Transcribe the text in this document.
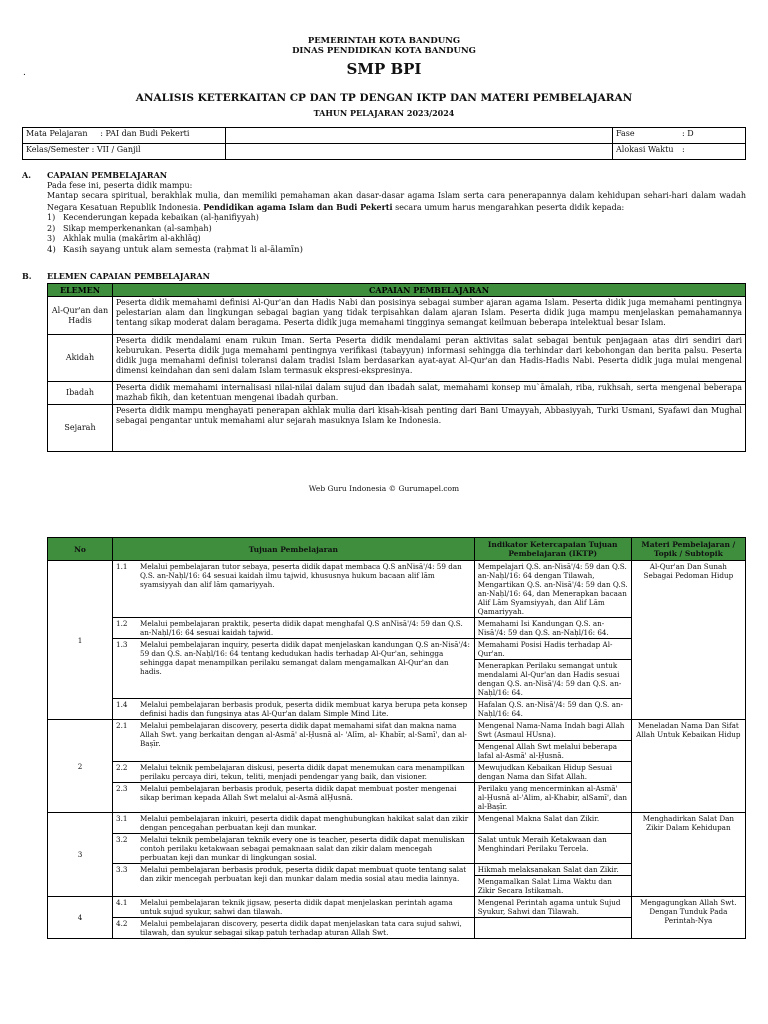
PEMERINTAH KOTA BANDUNG
DINAS PENDIDIKAN KOTA BANDUNG
.	SMP BPI
ANALISIS KETERKAITAN CP DAN TP DENGAN IKTP DAN MATERI PEMBELAJARAN
TAHUN PELAJARAN 2023/2024
Mata Pelajaran : PAI dan Budi Pekerti		Fase : D
Kelas/Semester : VII / Ganjil		Alokasi Waktu :
A. CAPAIAN PEMBELAJARAN
Pada fese ini, peserta didik mampu:
Mantap secara spiritual, berakhlak mulia, dan memiliki pemahaman akan dasar-dasar agama Islam serta cara penerapannya dalam kehidupan sehari-hari dalam wadah Negara Kesatuan Republik Indonesia. Pendidikan agama Islam dan Budi Pekerti secara umum harus mengarahkan peserta didik kepada:
1) Kecenderungan kepada kebaikan (al-ḥanifiyyah)
2) Sikap memperkenankan (al-samḥah)
3) Akhlak mulia (makārim al-akhlāq)
4) Kasih sayang untuk alam semesta (raḥmat li al-ālamīn)
B. ELEMEN CAPAIAN PEMBELAJARAN
ELEMEN	CAPAIAN PEMBELAJARAN
Al-Qur'an dan Hadis	Peserta didik memahami definisi Al-Qur'an dan Hadis Nabi dan posisinya sebagai sumber ajaran agama Islam. Peserta didik juga memahami pentingnya pelestarian alam dan lingkungan sebagai bagian yang tidak terpisahkan dalam ajaran Islam. Peserta didik juga mampu menjelaskan pemahamannya tentang sikap moderat dalam beragama. Peserta didik juga memahami tingginya semangat keilmuan beberapa intelektual besar Islam.
Akidah	Peserta didik mendalami enam rukun Iman. Serta Peserta didik mendalami peran aktivitas salat sebagai bentuk penjagaan atas diri sendiri dari keburukan. Peserta didik juga memahami pentingnya verifikasi (tabayyun) informasi sehingga dia terhindar dari kebohongan dan berita palsu. Peserta didik juga memahami definisi toleransi dalam tradisi Islam berdasarkan ayat-ayat Al-Qur'an dan Hadis-Hadis Nabi. Peserta didik juga mulai mengenal dimensi keindahan dan seni dalam Islam termasuk ekspresi-ekspresinya.
Ibadah	Peserta didik memahami internalisasi nilai-nilai dalam sujud dan ibadah salat, memahami konsep mu`āmalah, riba, rukhsah, serta mengenal beberapa mazhab fikih, dan ketentuan mengenai ibadah qurban.
Sejarah	Peserta didik mampu menghayati penerapan akhlak mulia dari kisah-kisah penting dari Bani Umayyah, Abbasiyyah, Turki Usmani, Syafawi dan Mughal sebagai pengantar untuk memahami alur sejarah masuknya Islam ke Indonesia.
Web Guru Indonesia © Gurumapel.com
No	Tujuan Pembelajaran		Indikator Ketercapaian Tujuan Pembelajaran (IKTP)	Materi Pembelajaran / Topik / Subtopik
1	1.1	Melalui pembelajaran tutor sebaya, peserta didik dapat membaca Q.S anNisā'/4: 59 dan Q.S. an-Naḥl/16: 64 sesuai kaidah ilmu tajwid, khususnya hukum bacaan alif lām syamsiyyah dan alif lām qamariyyah.	Mempelajari Q.S. an-Nisā'/4: 59 dan Q.S. an-Naḥl/16: 64 dengan Tilawah, Mengartikan Q.S. an-Nisā'/4: 59 dan Q.S. an-Naḥl/16: 64, dan Menerapkan bacaan Alif Lām Syamsiyyah, dan Alif Lām Qamariyyah.	Al-Qur'an Dan Sunah Sebagai Pedoman Hidup
	1.2	Melalui pembelajaran praktik, peserta didik dapat menghafal Q.S anNisā'/4: 59 dan Q.S. an-Naḥl/16: 64 sesuai kaidah tajwid.	Memahami Isi Kandungan Q.S. an-Nisā'/4: 59 dan Q.S. an-Naḥl/16: 64.	
	1.3	Melalui pembelajaran inquiry, peserta didik dapat menjelaskan kandungan Q.S an-Nisā'/4: 59 dan Q.S. an-Naḥl/16: 64 tentang kedudukan hadis terhadap Al-Qur'an, sehingga sehingga dapat menampilkan perilaku semangat dalam mengamalkan Al-Qur'an dan hadis.	Memahami Posisi Hadis terhadap Al-Qur'an.	
			Menerapkan Perilaku semangat untuk mendalami Al-Qur'an dan Hadis sesuai dengan Q.S. an-Nisā'/4: 59 dan Q.S. an-Naḥl/16: 64.	
	1.4	Melalui pembelajaran berbasis produk, peserta didik membuat karya berupa peta konsep definisi hadis dan fungsinya atas Al-Qur'an dalam Simple Mind Lite.	Hafalan Q.S. an-Nisā'/4: 59 dan Q.S. an-Naḥl/16: 64.	
2	2.1	Melalui pembelajaran discovery, peserta didik dapat memahami sifat dan makna nama Allah Swt. yang berkaitan dengan al-Asmā' al-Ḥusnā al- 'Alīm, al- Khabīr, al-Samī', dan al-Baṣīr.	Mengenal Nama-Nama Indah bagi Allah Swt (Asmaul HUsna).	Meneladan Nama Dan Sifat Allah Untuk Kebaikan Hidup
			Mengenal Allah Swt melalui beberapa lafal al-Asmā' al-Ḥusnā.	
	2.2	Melalui teknik pembelajaran diskusi, peserta didik dapat menemukan cara menampilkan perilaku percaya diri, tekun, teliti, menjadi pendengar yang baik, dan visioner.	Mewujudkan Kebaikan Hidup Sesuai dengan Nama dan Sifat Allah.	
	2.3	Melalui pembelajaran berbasis produk, peserta didik dapat membuat poster mengenai sikap beriman kepada Allah Swt melalui al-Asmā alḤusnā.	Perilaku yang mencerminkan al-Asmā' al-Ḥusnā al-'Alim, al-Khabir, alSamī', dan al-Baṣīr.	
3	3.1	Melalui pembelajaran inkuiri, peserta didik dapat menghubungkan hakikat salat dan zikir dengan pencegahan perbuatan keji dan munkar.	Mengenal Makna Salat dan Zikir.	Menghadirkan Salat Dan Zikir Dalam Kehidupan
	3.2	Melalui teknik pembelajaran teknik every one is teacher, peserta didik dapat menuliskan contoh perilaku ketakwaan sebagai pemaknaan salat dan zikir dalam mencegah perbuatan keji dan munkar di lingkungan sosial.	Salat untuk Meraih Ketakwaan dan Menghindari Perilaku Tercela.	
	3.3	Melalui pembelajaran berbasis produk, peserta didik dapat membuat quote tentang salat dan zikir mencegah perbuatan keji dan munkar dalam media sosial atau media lainnya.	Hikmah melaksanakan Salat dan Zikir.	
			Mengamalkan Salat Lima Waktu dan Zikir Secara Istikamah.	
4	4.1	Melalui pembelajaran teknik jigsaw, peserta didik dapat menjelaskan perintah agama untuk sujud syukur, sahwi dan tilawah.	Mengenal Perintah agama untuk Sujud Syukur, Sahwi dan Tilawah.	Mengagungkan Allah Swt. Dengan Tunduk Pada Perintah-Nya
	4.2	Melalui pembelajaran discovery, peserta didik dapat menjelaskan tata cara sujud sahwi, tilawah, dan syukur sebagai sikap patuh terhadap aturan Allah Swt.		
